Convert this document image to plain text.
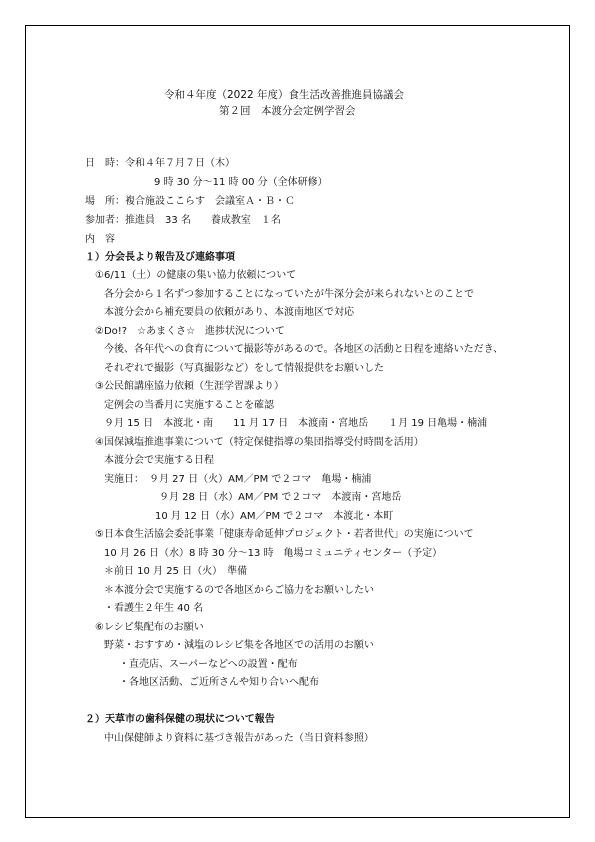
令和４年度（2022 年度）食生活改善推進員協議会
第２回　本渡分会定例学習会
日　時：令和４年７月７日（木）
9 時 30 分～11 時 00 分（全体研修）
場　所：複合施設ここらす　会議室Ａ・Ｂ・Ｃ
参加者：推進員　33 名　　養成教室　１名
内　容
１）分会長より報告及び連絡事項
①6/11（土）の健康の集い協力依頼について
各分会から１名ずつ参加することになっていたが牛深分会が来られないとのことで
本渡分会から補充要員の依頼があり、本渡南地区で対応
②Do!?　☆あまくさ☆　進捗状況について
今後、各年代への食育について撮影等があるので。各地区の活動と日程を連絡いただき、
それぞれで撮影（写真撮影など）をして情報提供をお願いした
③公民館講座協力依頼（生涯学習課より）
定例会の当番月に実施することを確認
９月 15 日　本渡北・南　　11 月 17 日　本渡南・宮地岳　　１月 19 日亀場・楠浦
④国保減塩推進事業について（特定保健指導の集団指導受付時間を活用）
本渡分会で実施する日程
実施日：　９月 27 日（火）AM／PM で２コマ　亀場・楠浦
９月 28 日（水）AM／PM で２コマ　本渡南・宮地岳
10 月 12 日（水）AM／PM で２コマ　本渡北・本町
⑤日本食生活協会委託事業「健康寿命延伸プロジェクト・若者世代」の実施について
10 月 26 日（水）8 時 30 分～13 時　亀場コミュニティセンター（予定）
＊前日 10 月 25 日（火）　準備
＊本渡分会で実施するので各地区からご協力をお願いしたい
・看護生２年生 40 名
⑥レシピ集配布のお願い
野菜・おすすめ・減塩のレシピ集を各地区での活用のお願い
・直売店、スーパーなどへの設置・配布
・各地区活動、ご近所さんや知り合いへ配布
２）天草市の歯科保健の現状について報告
中山保健師より資料に基づき報告があった（当日資料参照）
